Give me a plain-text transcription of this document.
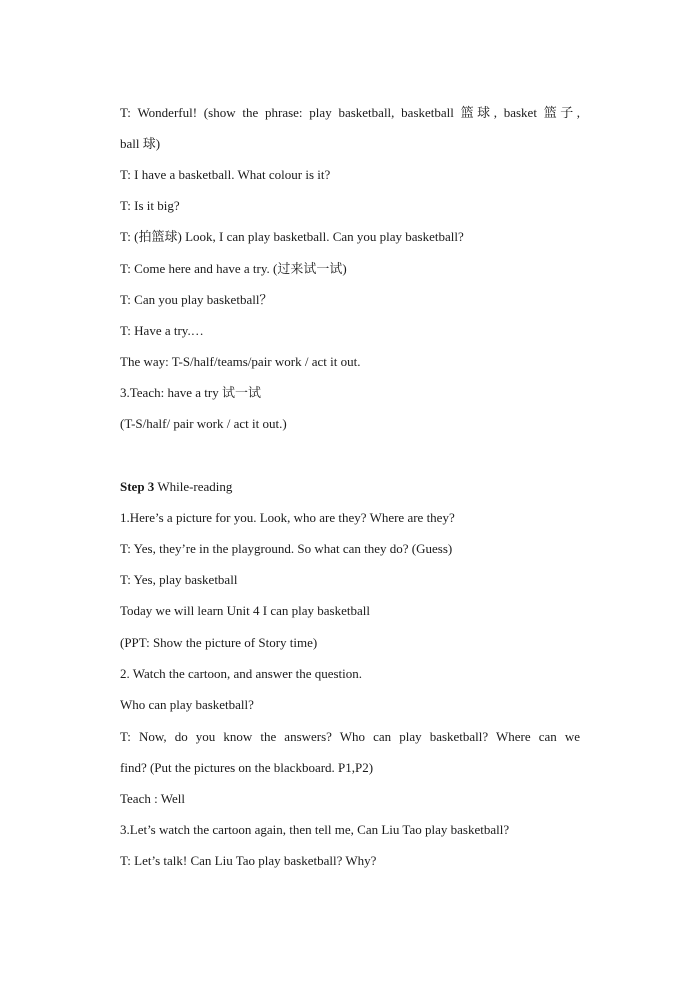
T: Wonderful! (show the phrase: play basketball, basketball 篮球, basket 篮子,
ball 球)
T: I have a basketball. What colour is it?
T: Is it big?
T: (拍篮球) Look, I can play basketball. Can you play basketball?
T: Come here and have a try. (过来试一试)
T: Can you play basketball？
T: Have a try.…
The way: T-S/half/teams/pair work / act it out.
3.Teach: have a try 试一试
(T-S/half/ pair work / act it out.)
Step 3 While-reading
1.Here’s a picture for you. Look, who are they? Where are they?
T: Yes, they’re in the playground. So what can they do? (Guess)
T: Yes, play basketball
Today we will learn Unit 4 I can play basketball
(PPT: Show the picture of Story time)
2. Watch the cartoon, and answer the question.
Who can play basketball?
T: Now, do you know the answers? Who can play basketball? Where can we
find? (Put the pictures on the blackboard. P1,P2)
Teach : Well
3.Let’s watch the cartoon again, then tell me, Can Liu Tao play basketball?
T: Let’s talk! Can Liu Tao play basketball? Why?
